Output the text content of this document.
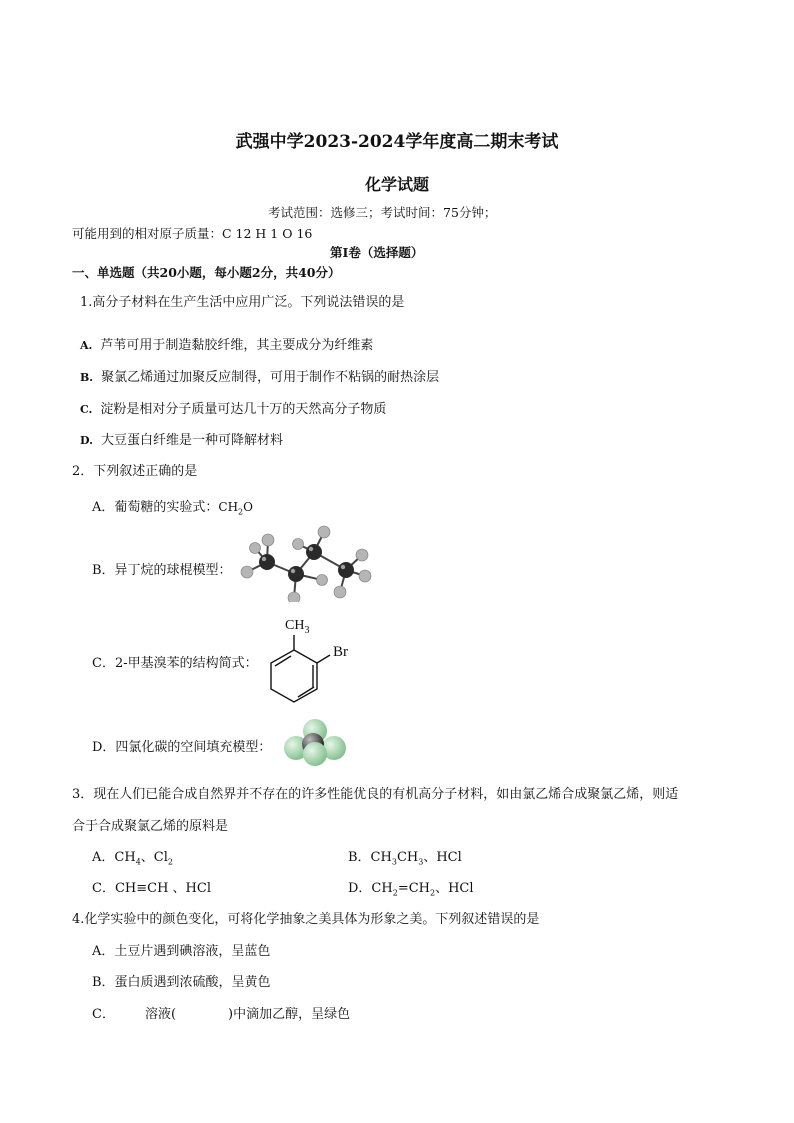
武强中学2023-2024学年度高二期末考试
化学试题
考试范围：选修三；考试时间：75分钟；
可能用到的相对原子质量：C 12 H 1 O 16
第Ⅰ卷（选择题）
一、单选题（共20小题，每小题2分，共40分）
1.高分子材料在生产生活中应用广泛。下列说法错误的是
A. 芦苇可用于制造黏胶纤维，其主要成分为纤维素
B. 聚氯乙烯通过加聚反应制得，可用于制作不粘锅的耐热涂层
C. 淀粉是相对分子质量可达几十万的天然高分子物质
D. 大豆蛋白纤维是一种可降解材料
2．下列叙述正确的是
A．葡萄糖的实验式：$CH_2O$
B．异丁烷的球棍模型：
C．2-甲基溴苯的结构简式：
$CH_3$
Br
D．四氯化碳的空间填充模型：
3．现在人们已能合成自然界并不存在的许多性能优良的有机高分子材料，如由氯乙烯合成聚氯乙烯，则适
合于合成聚氯乙烯的原料是
A．$CH_4$、$Cl_2$	B．$CH_3CH_3$、HCl
C．CH≡CH 、HCl	D．$CH_2=CH_2$、HCl
4.化学实验中的颜色变化，可将化学抽象之美具体为形象之美。下列叙述错误的是
A．土豆片遇到碘溶液，呈蓝色
B．蛋白质遇到浓硫酸，呈黄色
C． 溶液(	)中滴加乙醇，呈绿色
